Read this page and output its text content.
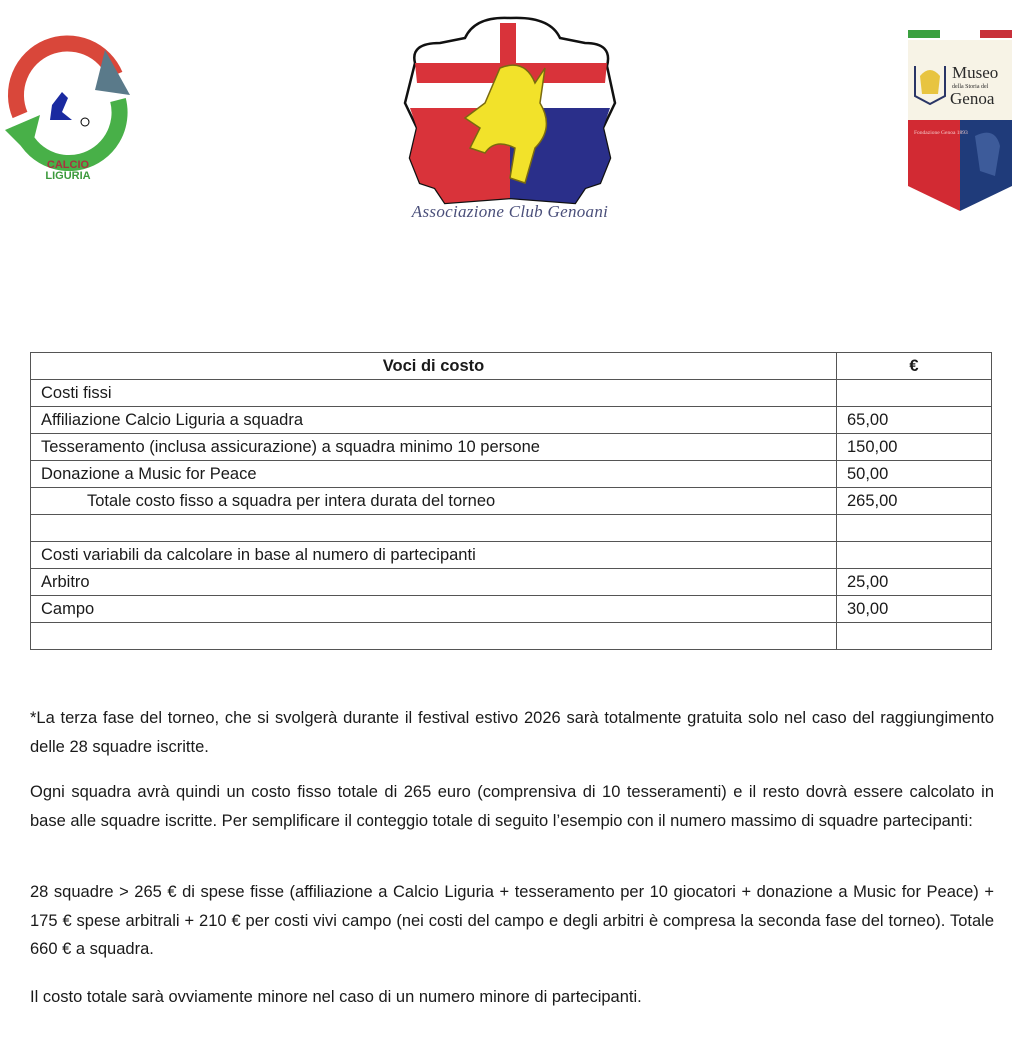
CALCIO
LIGURIA
Associazione Club Genoani
Museo
della Storia del
Genoa
Fondazione Genoa 1893
Voci di costo	€
Costi fissi	
Affiliazione Calcio Liguria a squadra	65,00
Tesseramento (inclusa assicurazione) a squadra minimo 10 persone	150,00
Donazione a Music for Peace	50,00
Totale costo fisso a squadra per intera durata del torneo	265,00

Costi variabili da calcolare in base al numero di partecipanti	
Arbitro	25,00
Campo	30,00

*La terza fase del torneo, che si svolgerà durante il festival estivo 2026 sarà totalmente gratuita solo nel caso del raggiungimento delle 28 squadre iscritte.

Ogni squadra avrà quindi un costo fisso totale di 265 euro (comprensiva di 10 tesseramenti) e il resto dovrà essere calcolato in base alle squadre iscritte. Per semplificare il conteggio totale di seguito l’esempio con il numero massimo di squadre partecipanti:

28 squadre > 265 € di spese fisse (affiliazione a Calcio Liguria + tesseramento per 10 giocatori + donazione a Music for Peace) + 175 € spese arbitrali + 210 € per costi vivi campo (nei costi del campo e degli arbitri è compresa la seconda fase del torneo). Totale 660 € a squadra.

Il costo totale sarà ovviamente minore nel caso di un numero minore di partecipanti.
